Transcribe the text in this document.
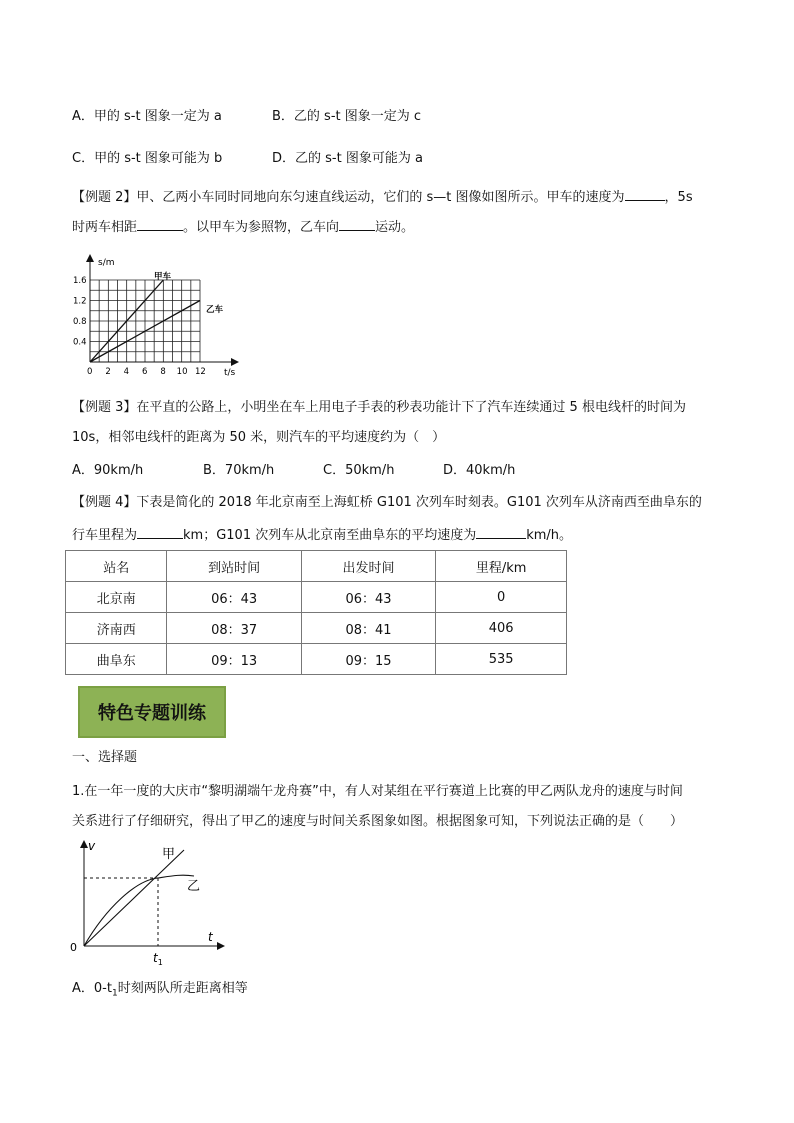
A．甲的 s-t 图象一定为 a	B．乙的 s-t 图象一定为 c
C．甲的 s-t 图象可能为 b	D．乙的 s-t 图象可能为 a
【例题 2】甲、乙两小车同时同地向东匀速直线运动，它们的 s—t 图像如图所示。甲车的速度为	，5s
时两车相距	。以甲车为参照物，乙车向	运动。
s/m
t/s
1.6
1.2
0.8
0.4
0 2 4 6 8 10 12
甲车
乙车
【例题 3】在平直的公路上，小明坐在车上用电子手表的秒表功能计下了汽车连续通过 5 根电线杆的时间为
10s，相邻电线杆的距离为 50 米，则汽车的平均速度约为（　）
A．90km/h	B．70km/h	C．50km/h	D．40km/h
【例题 4】下表是简化的 2018 年北京南至上海虹桥 G101 次列车时刻表。G101 次列车从济南西至曲阜东的
行车里程为	km；G101 次列车从北京南至曲阜东的平均速度为	km/h。
站名	到站时间	出发时间	里程/km
北京南	06：43	06：43	0
济南西	08：37	08：41	406
曲阜东	09：13	09：15	535
特色专题训练
一、选择题
1.在一年一度的大庆市“黎明湖端午龙舟赛”中，有人对某组在平行赛道上比赛的甲乙两队龙舟的速度与时间
关系进行了仔细研究，得出了甲乙的速度与时间关系图象如图。根据图象可知，下列说法正确的是（　　）
v
t
0
$t_1$
甲
乙
A．$0-t_1$时刻两队所走距离相等
